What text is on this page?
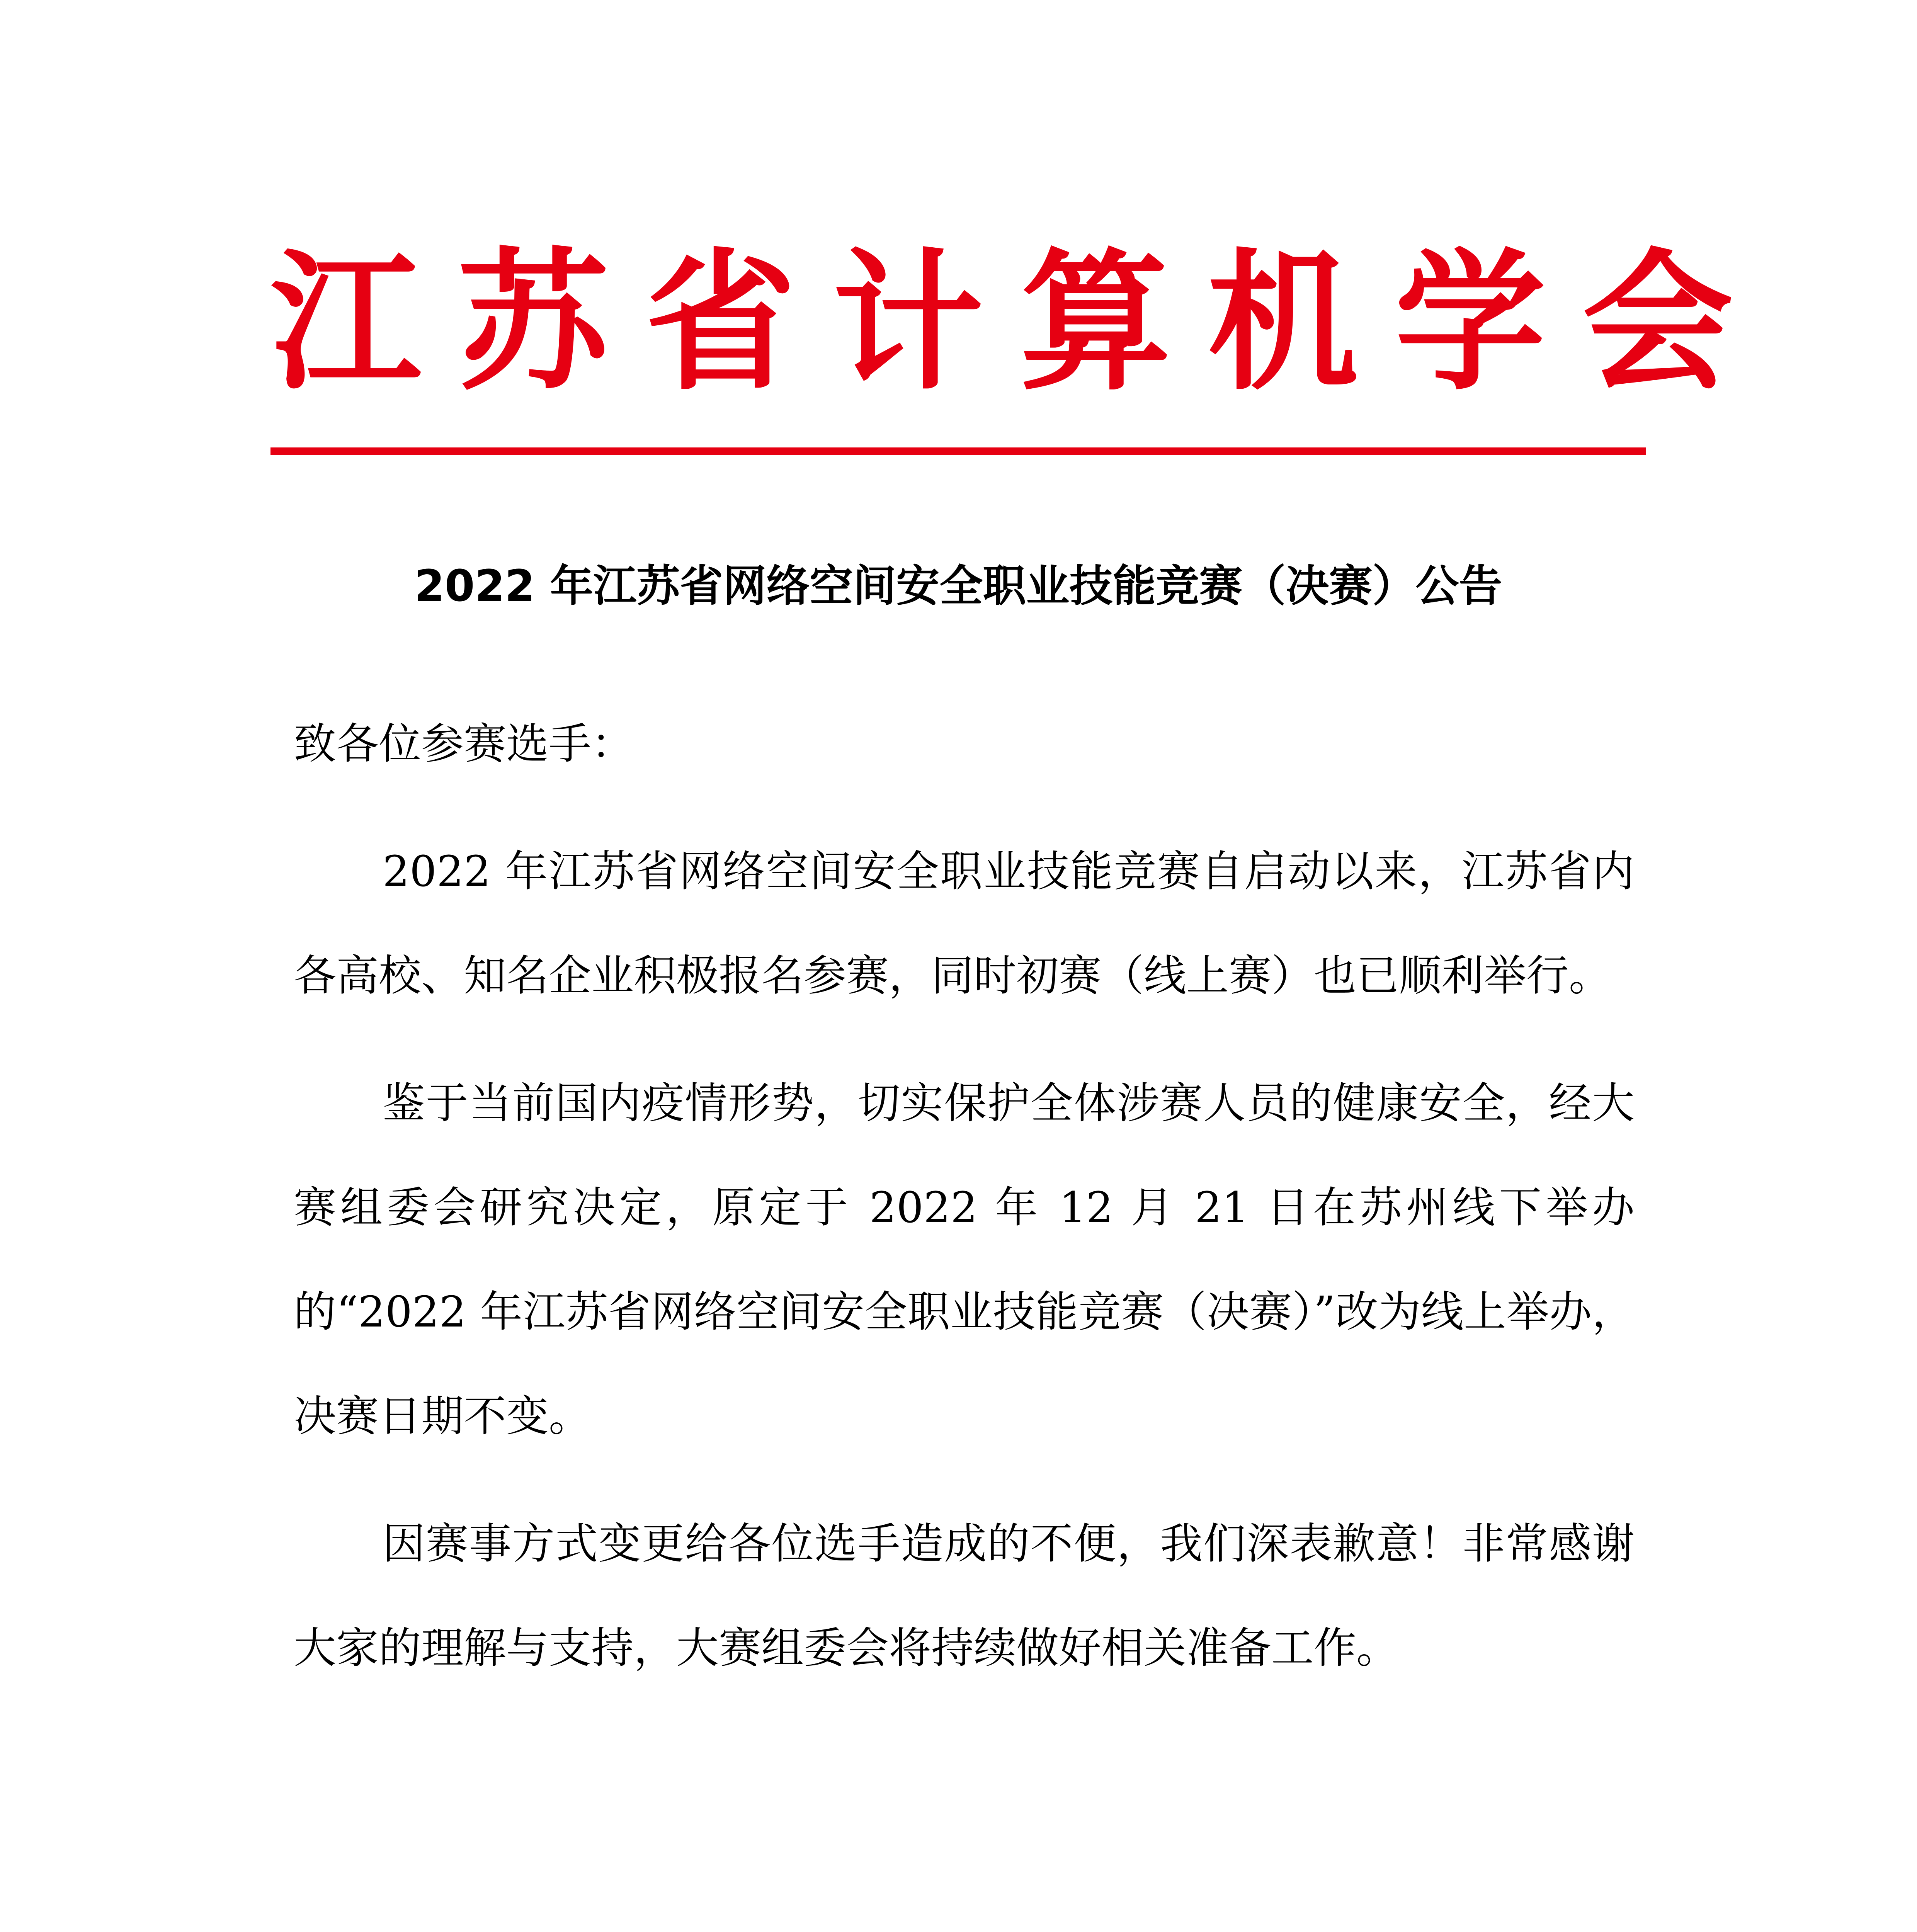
江苏省计算机学会
2022 年江苏省网络空间安全职业技能竞赛（决赛）公告

致各位参赛选手：

2022 年江苏省网络空间安全职业技能竞赛自启动以来，江苏省内各高校、知名企业积极报名参赛，同时初赛（线上赛）也已顺利举行。

鉴于当前国内疫情形势，切实保护全体涉赛人员的健康安全，经大赛组委会研究决定，原定于 2022 年 12 月 21 日在苏州线下举办的“2022 年江苏省网络空间安全职业技能竞赛（决赛）”改为线上举办，决赛日期不变。

因赛事方式变更给各位选手造成的不便，我们深表歉意！非常感谢大家的理解与支持，大赛组委会将持续做好相关准备工作。
